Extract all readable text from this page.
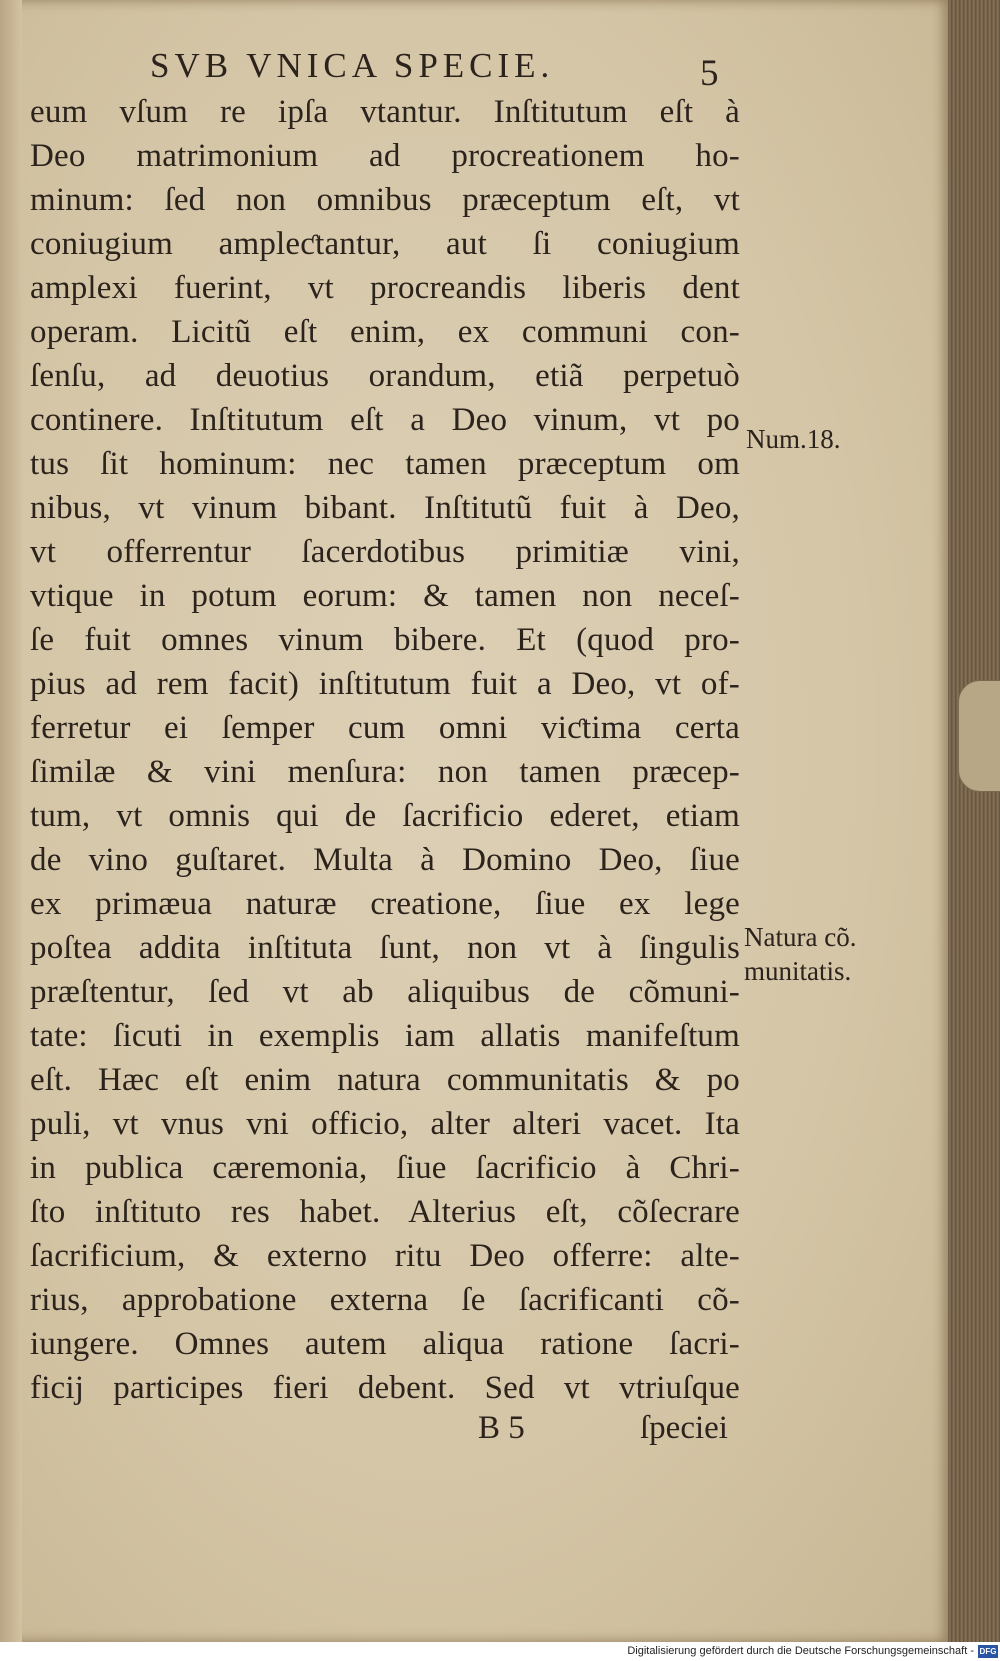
SVB VNICA SPECIE.	5
eum vſum re ipſa vtantur. Inſtitutum eſt à
Deo matrimonium ad procreationem ho-
minum: ſed non omnibus præceptum eſt, vt
coniugium ampleƈtantur, aut ſi coniugium
amplexi fuerint, vt procreandis liberis dent
operam. Licitũ eſt enim, ex communi con-
ſenſu, ad deuotius orandum, etiã perpetuò
continere. Inſtitutum eſt a Deo vinum, vt po
tus ſit hominum: nec tamen præceptum om
nibus, vt vinum bibant. Inſtitutũ fuit à Deo,
vt offerrentur ſacerdotibus primitiæ vini,
vtique in potum eorum: & tamen non neceſ-
ſe fuit omnes vinum bibere. Et (quod pro-
pius ad rem facit) inſtitutum fuit a Deo, vt of-
ferretur ei ſemper cum omni viƈtima certa
ſimilæ & vini menſura: non tamen præcep-
tum, vt omnis qui de ſacrificio ederet, etiam
de vino guſtaret. Multa à Domino Deo, ſiue
ex primæua naturæ creatione, ſiue ex lege
poſtea addita inſtituta ſunt, non vt à ſingulis
præſtentur, ſed vt ab aliquibus de cõmuni-
tate: ſicuti in exemplis iam allatis manifeſtum
eſt. Hæc eſt enim natura communitatis & po
puli, vt vnus vni officio, alter alteri vacet. Ita
in publica cæremonia, ſiue ſacrificio à Chri-
ſto inſtituto res habet. Alterius eſt, cõſecrare
ſacrificium, & externo ritu Deo offerre: alte-
rius, approbatione externa ſe ſacrificanti cõ-
iungere. Omnes autem aliqua ratione ſacri-
ficij participes fieri debent. Sed vt vtriuſque
Num.18.
Natura cõ.
munitatis.
B 5	ſpeciei
Digitalisierung gefördert durch die Deutsche Forschungsgemeinschaft - DFG
